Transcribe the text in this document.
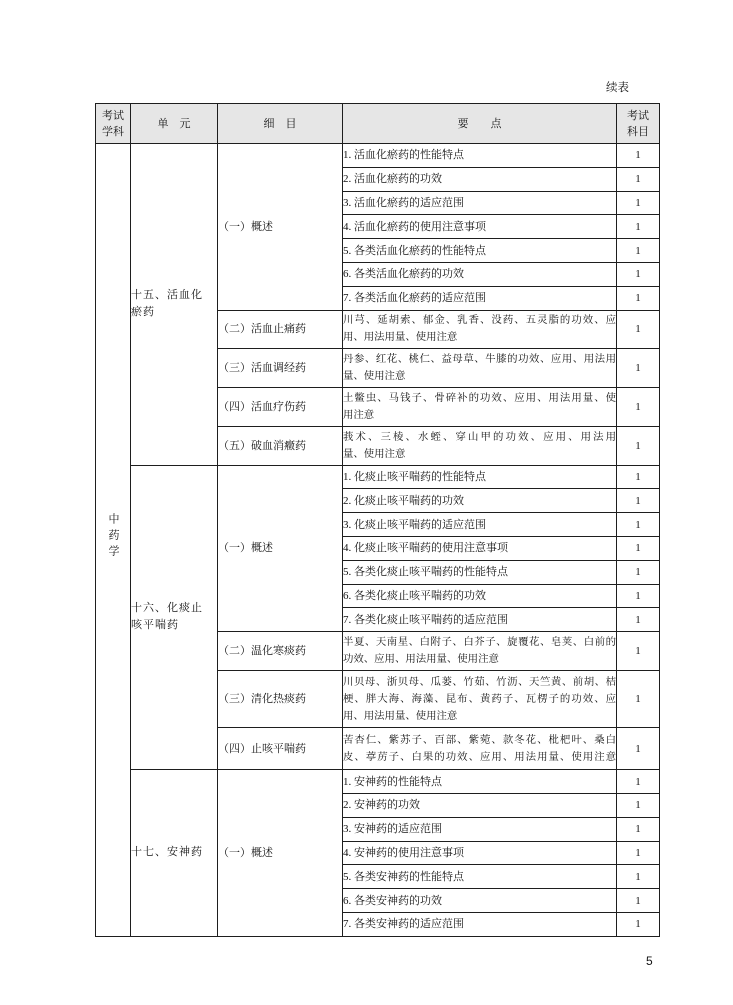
续表
考试
学科	单　元	细　目	要　　点	考试
科目

中药学	十五、活血化
瘀药	（一）概述	1. 活血化瘀药的性能特点	1
			2. 活血化瘀药的功效	1
			3. 活血化瘀药的适应范围	1
			4. 活血化瘀药的使用注意事项	1
			5. 各类活血化瘀药的性能特点	1
			6. 各类活血化瘀药的功效	1
			7. 各类活血化瘀药的适应范围	1
		（二）活血止痛药	川芎、延胡索、郁金、乳香、没药、五灵脂的功效、应
用、用法用量、使用注意	1
		（三）活血调经药	丹参、红花、桃仁、益母草、牛膝的功效、应用、用法用
量、使用注意	1
		（四）活血疗伤药	土鳖虫、马钱子、骨碎补的功效、应用、用法用量、使
用注意	1
		（五）破血消癥药	莪术、三棱、水蛭、穿山甲的功效、应用、用法用
量、使用注意	1

	十六、化痰止
咳平喘药	（一）概述	1. 化痰止咳平喘药的性能特点	1
			2. 化痰止咳平喘药的功效	1
			3. 化痰止咳平喘药的适应范围	1
			4. 化痰止咳平喘药的使用注意事项	1
			5. 各类化痰止咳平喘药的性能特点	1
			6. 各类化痰止咳平喘药的功效	1
			7. 各类化痰止咳平喘药的适应范围	1
		（二）温化寒痰药	半夏、天南星、白附子、白芥子、旋覆花、皂荚、白前的
功效、应用、用法用量、使用注意	1
		（三）清化热痰药	川贝母、浙贝母、瓜蒌、竹茹、竹沥、天竺黄、前胡、桔
梗、胖大海、海藻、昆布、黄药子、瓦楞子的功效、应
用、用法用量、使用注意	1
		（四）止咳平喘药	苦杏仁、紫苏子、百部、紫菀、款冬花、枇杷叶、桑白
皮、葶苈子、白果的功效、应用、用法用量、使用注意	1

	十七、安神药	（一）概述	1. 安神药的性能特点	1
			2. 安神药的功效	1
			3. 安神药的适应范围	1
			4. 安神药的使用注意事项	1
			5. 各类安神药的性能特点	1
			6. 各类安神药的功效	1
			7. 各类安神药的适应范围	1
5
